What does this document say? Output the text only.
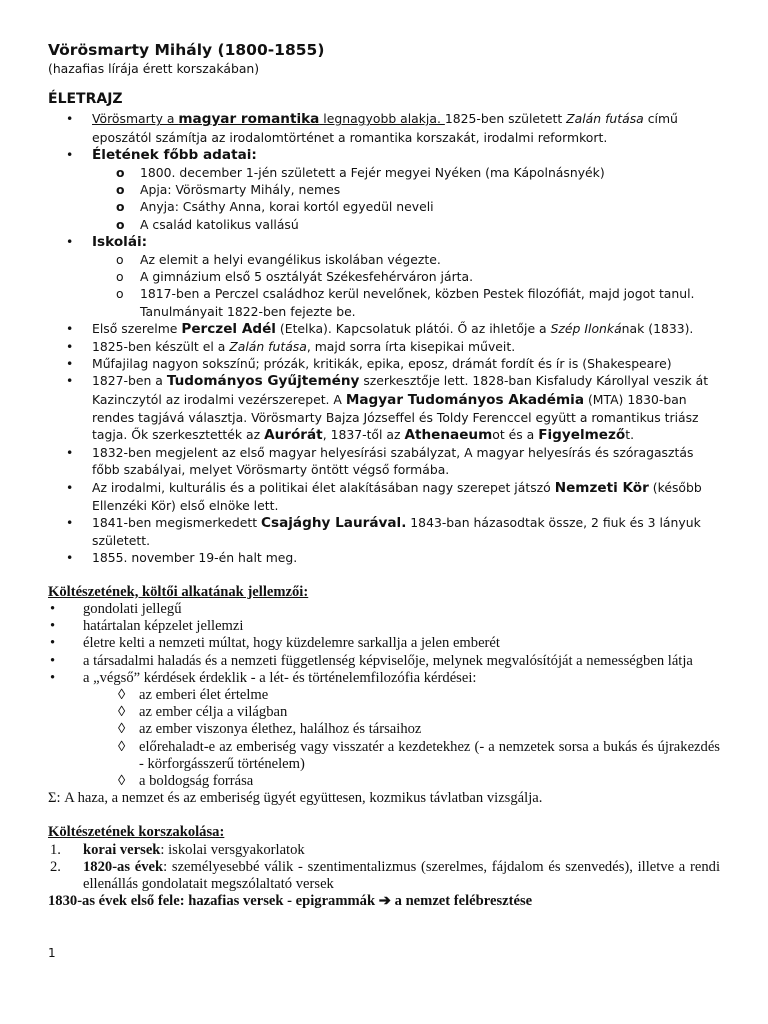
Vörösmarty Mihály (1800-1855)

(hazafias lírája érett korszakában)

ÉLETRAJZ
• Vörösmarty a magyar romantika legnagyobb alakja. 1825-ben született Zalán futása című eposzától számítja az irodalomtörténet a romantika korszakát, irodalmi reformkort.
• Életének főbb adatai:
o 1800. december 1-jén született a Fejér megyei Nyéken (ma Kápolnásnyék)
o Apja: Vörösmarty Mihály, nemes
o Anyja: Csáthy Anna, korai kortól egyedül neveli
o A család katolikus vallású
• Iskolái:
o Az elemit a helyi evangélikus iskolában végezte.
o A gimnázium első 5 osztályát Székesfehérváron járta.
o 1817-ben a Perczel családhoz kerül nevelőnek, közben Pestek filozófiát, majd jogot tanul. Tanulmányait 1822-ben fejezte be.
• Első szerelme Perczel Adél (Etelka). Kapcsolatuk plátói. Ő az ihletője a Szép Ilonkának (1833).
• 1825-ben készült el a Zalán futása, majd sorra írta kisepikai műveit.
• Műfajilag nagyon sokszínű; prózák, kritikák, epika, eposz, drámát fordít és ír is (Shakespeare)
• 1827-ben a Tudományos Gyűjtemény szerkesztője lett. 1828-ban Kisfaludy Károllyal veszik át Kazinczytól az irodalmi vezérszerepet. A Magyar Tudományos Akadémia (MTA) 1830-ban rendes tagjává választja. Vörösmarty Bajza Józseffel és Toldy Ferenccel együtt a romantikus triász tagja. Ők szerkesztették az Aurórát, 1837-től az Athenaeumot és a Figyelmezőt.
• 1832-ben megjelent az első magyar helyesírási szabályzat, A magyar helyesírás és szóragasztás főbb szabályai, melyet Vörösmarty öntött végső formába.
• Az irodalmi, kulturális és a politikai élet alakításában nagy szerepet játszó Nemzeti Kör (később Ellenzéki Kör) első elnöke lett.
• 1841-ben megismerkedett Csajághy Laurával. 1843-ban házasodtak össze, 2 fiuk és 3 lányuk született.
• 1855. november 19-én halt meg.
Költészetének, költői alkatának jellemzői:
• gondolati jellegű
• határtalan képzelet jellemzi
• életre kelti a nemzeti múltat, hogy küzdelemre sarkallja a jelen emberét
• a társadalmi haladás és a nemzeti függetlenség képviselője, melynek megvalósítóját a nemességben látja
• a „végső” kérdések érdeklik - a lét- és történelemfilozófia kérdései:
◊ az emberi élet értelme
◊ az ember célja a világban
◊ az ember viszonya élethez, halálhoz és társaihoz
◊ előrehaladt-e az emberiség vagy visszatér a kezdetekhez (- a nemzetek sorsa a bukás és újrakezdés - körforgásszerű történelem)
◊ a boldogság forrása
Σ: A haza, a nemzet és az emberiség ügyét együttesen, kozmikus távlatban vizsgálja.
Költészetének korszakolása:
1. korai versek: iskolai versgyakorlatok
2. 1820-as évek: személyesebbé válik - szentimentalizmus (szerelmes, fájdalom és szenvedés), illetve a rendi ellenállás gondolatait megszólaltató versek
1830-as évek első fele: hazafias versek - epigrammák ➔ a nemzet felébresztése
1
